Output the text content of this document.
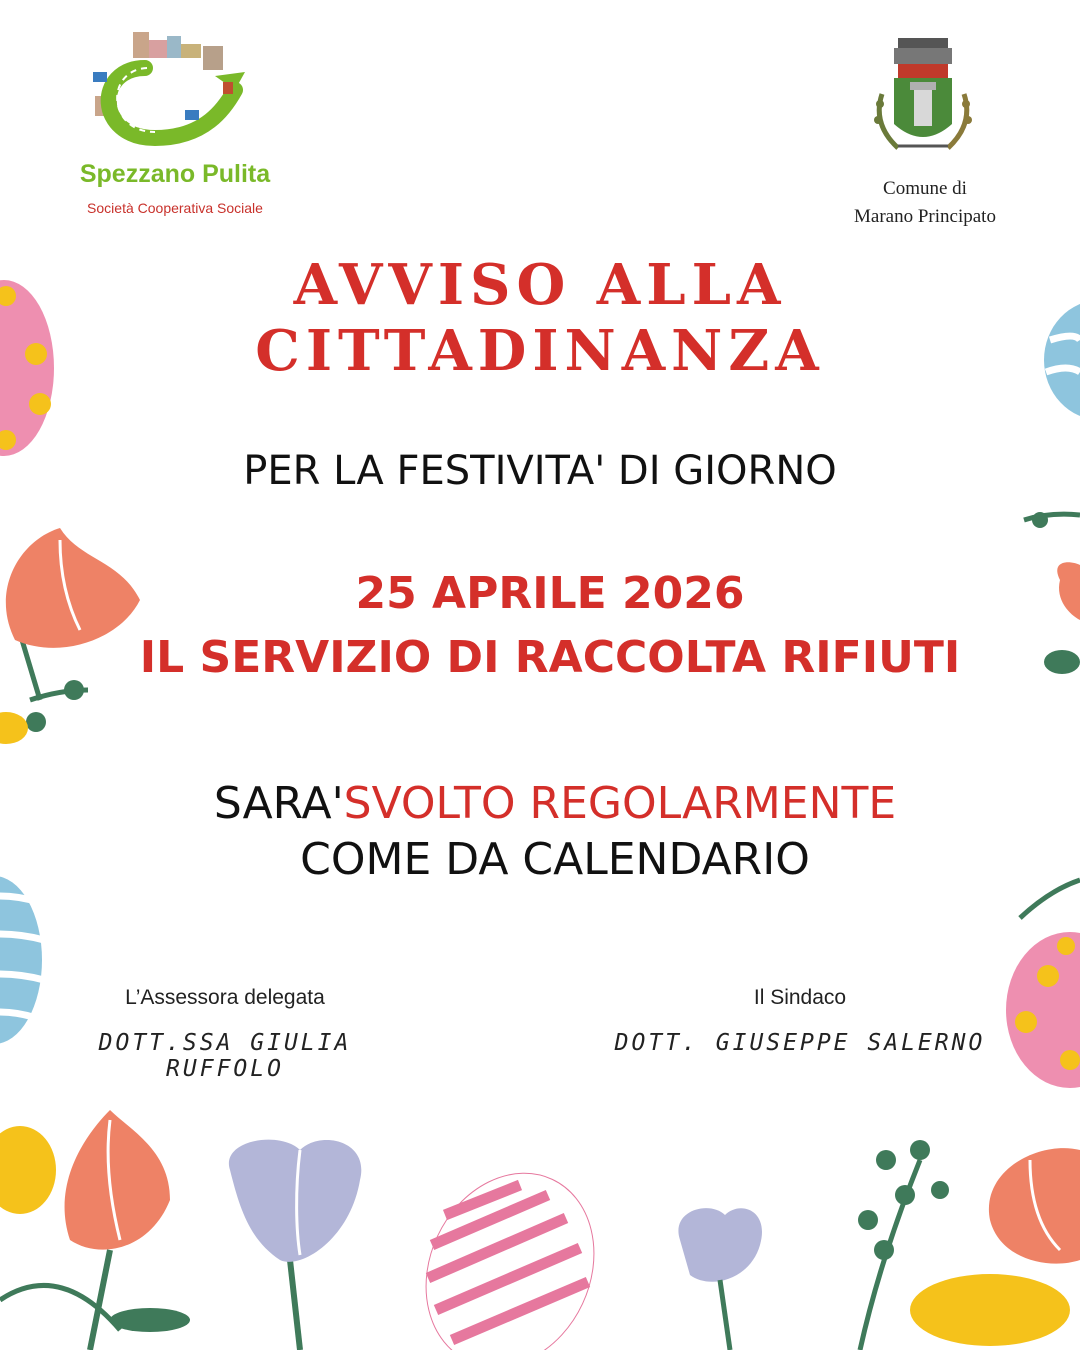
Spezzano Pulita
Società Cooperativa Sociale
Comune di
Marano Principato
AVVISO ALLA
CITTADINANZA
PER LA FESTIVITA' DI GIORNO
25 APRILE 2026
IL SERVIZIO DI RACCOLTA RIFIUTI
SARA'SVOLTO REGOLARMENTE
COME DA CALENDARIO
L’Assessora delegata
DOTT.SSA GIULIA RUFFOLO
Il Sindaco
DOTT. GIUSEPPE SALERNO
